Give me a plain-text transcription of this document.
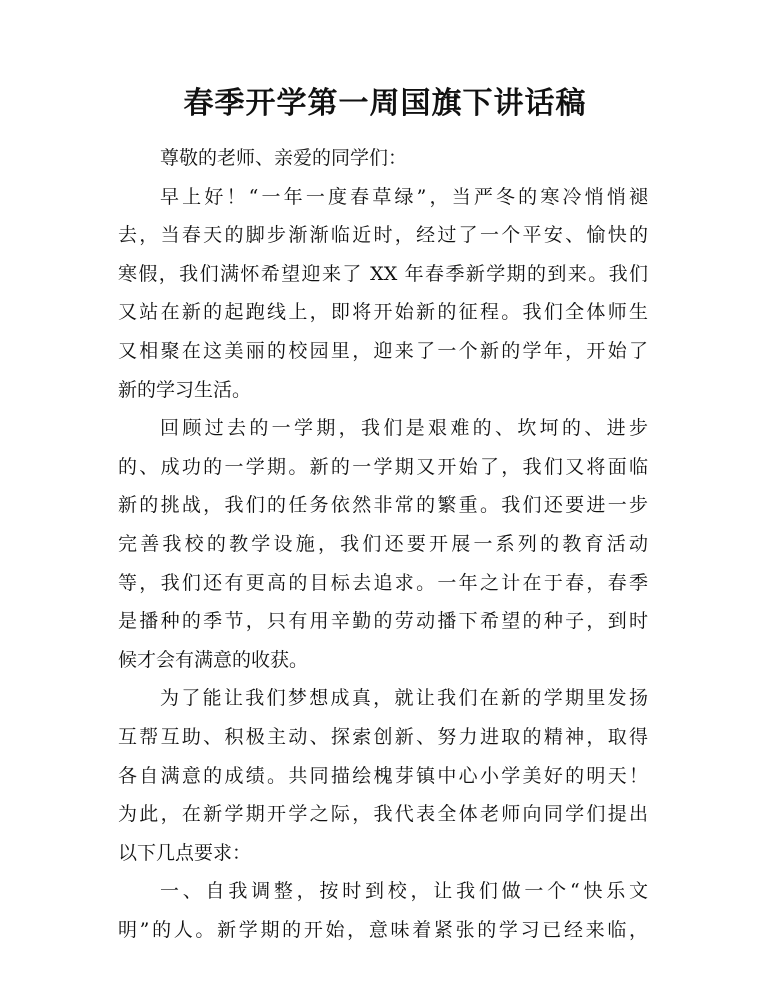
春季开学第一周国旗下讲话稿
尊敬的老师、亲爱的同学们：
早上好！“一年一度春草绿”，当严冬的寒冷悄悄褪
去，当春天的脚步渐渐临近时，经过了一个平安、愉快的
寒假，我们满怀希望迎来了 XX 年春季新学期的到来。我们
又站在新的起跑线上，即将开始新的征程。我们全体师生
又相聚在这美丽的校园里，迎来了一个新的学年，开始了
新的学习生活。
回顾过去的一学期，我们是艰难的、坎坷的、进步
的、成功的一学期。新的一学期又开始了，我们又将面临
新的挑战，我们的任务依然非常的繁重。我们还要进一步
完善我校的教学设施，我们还要开展一系列的教育活动
等，我们还有更高的目标去追求。一年之计在于春，春季
是播种的季节，只有用辛勤的劳动播下希望的种子，到时
候才会有满意的收获。
为了能让我们梦想成真，就让我们在新的学期里发扬
互帮互助、积极主动、探索创新、努力进取的精神，取得
各自满意的成绩。共同描绘槐芽镇中心小学美好的明天！
为此，在新学期开学之际，我代表全体老师向同学们提出
以下几点要求：
一、自我调整，按时到校，让我们做一个“快乐文
明”的人。新学期的开始，意味着紧张的学习已经来临，
